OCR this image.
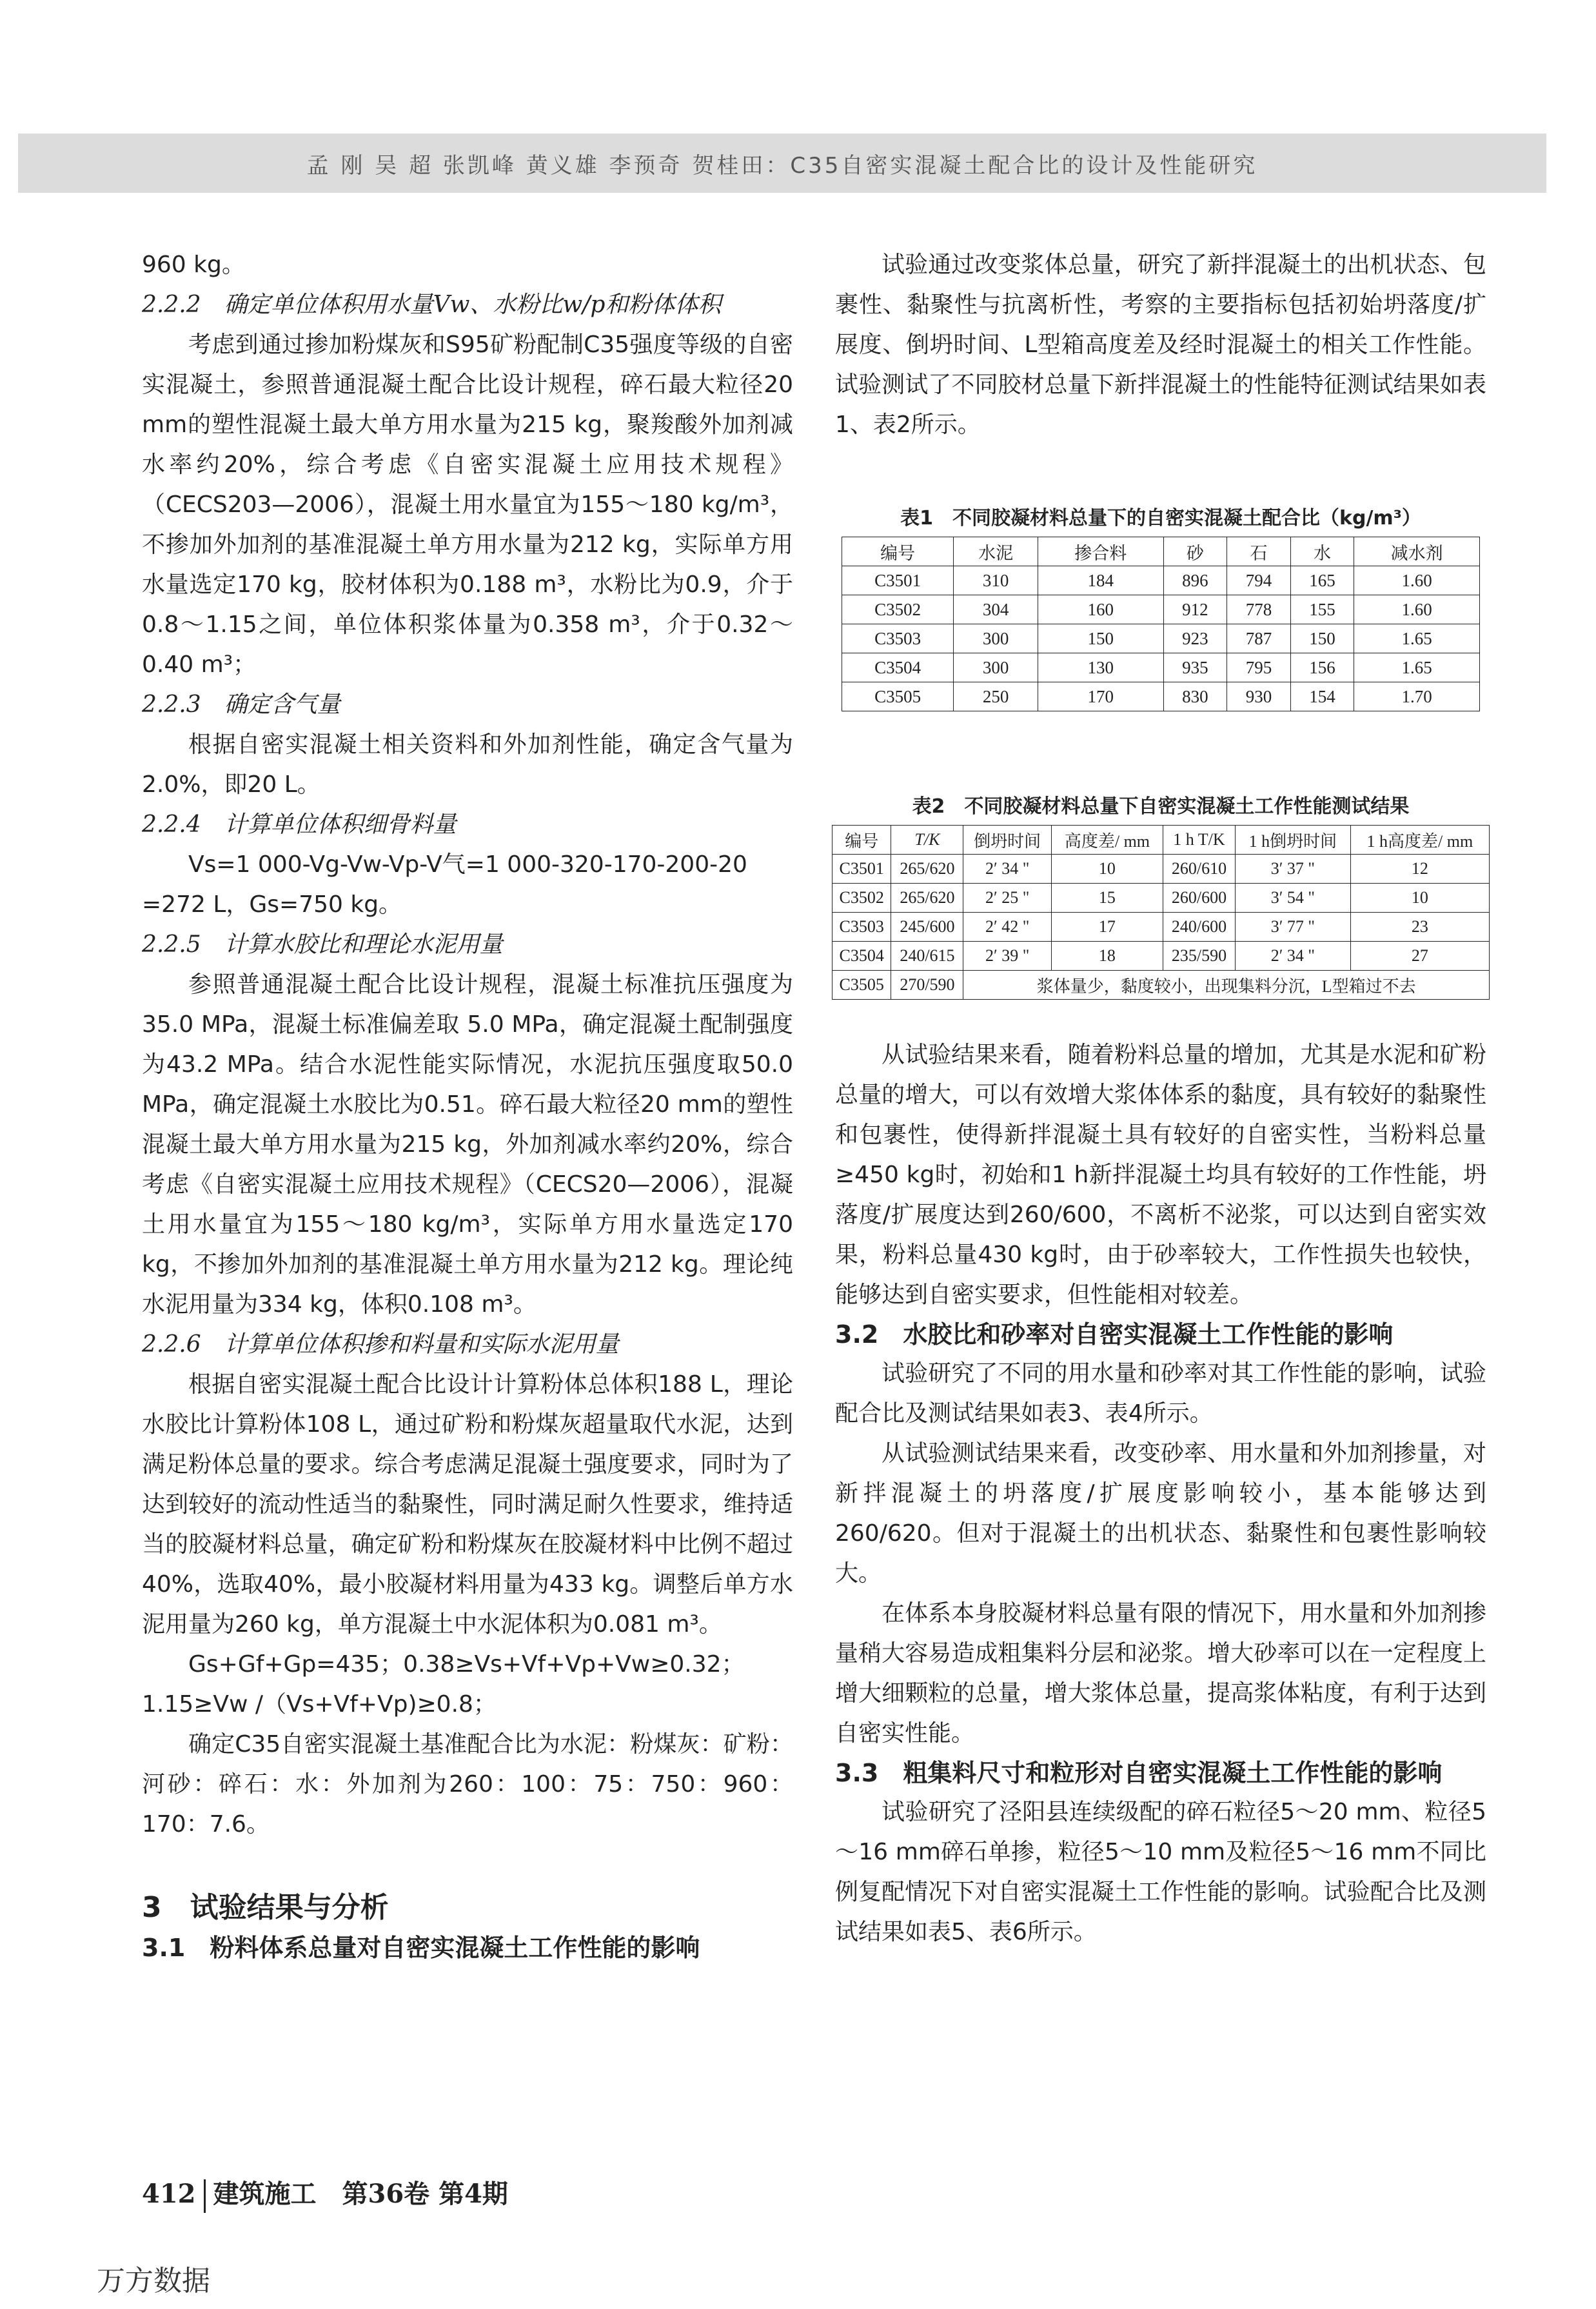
孟 刚 吴 超 张凯峰 黄义雄 李预奇 贺桂田：C35自密实混凝土配合比的设计及性能研究

960 kg。

2.2.2　确定单位体积用水量Vw、水粉比w/p和粉体体积

考虑到通过掺加粉煤灰和S95矿粉配制C35强度等级的自密实混凝土，参照普通混凝土配合比设计规程，碎石最大粒径20 mm的塑性混凝土最大单方用水量为215 kg，聚羧酸外加剂减水率约20%，综合考虑《自密实混凝土应用技术规程》（CECS203—2006），混凝土用水量宜为155～180 kg/m³，不掺加外加剂的基准混凝土单方用水量为212 kg，实际单方用水量选定170 kg，胶材体积为0.188 m³，水粉比为0.9，介于0.8～1.15之间，单位体积浆体量为0.358 m³，介于0.32～0.40 m³；

2.2.3　确定含气量

根据自密实混凝土相关资料和外加剂性能，确定含气量为2.0%，即20 L。

2.2.4　计算单位体积细骨料量

Vs=1 000-Vg-Vw-Vp-V气=1 000-320-170-200-20 =272 L，Gs=750 kg。

2.2.5　计算水胶比和理论水泥用量

参照普通混凝土配合比设计规程，混凝土标准抗压强度为35.0 MPa，混凝土标准偏差取 5.0 MPa，确定混凝土配制强度为43.2 MPa。结合水泥性能实际情况，水泥抗压强度取50.0 MPa，确定混凝土水胶比为0.51。碎石最大粒径20 mm的塑性混凝土最大单方用水量为215 kg，外加剂减水率约20%，综合考虑《自密实混凝土应用技术规程》（CECS20—2006），混凝土用水量宜为155～180 kg/m³，实际单方用水量选定170 kg，不掺加外加剂的基准混凝土单方用水量为212 kg。理论纯水泥用量为334 kg，体积0.108 m³。

2.2.6　计算单位体积掺和料量和实际水泥用量

根据自密实混凝土配合比设计计算粉体总体积188 L，理论水胶比计算粉体108 L，通过矿粉和粉煤灰超量取代水泥，达到满足粉体总量的要求。综合考虑满足混凝土强度要求，同时为了达到较好的流动性适当的黏聚性，同时满足耐久性要求，维持适当的胶凝材料总量，确定矿粉和粉煤灰在胶凝材料中比例不超过40%，选取40%，最小胶凝材料用量为433 kg。调整后单方水泥用量为260 kg，单方混凝土中水泥体积为0.081 m³。

Gs+Gf+Gp=435；0.38≥Vs+Vf+Vp+Vw≥0.32；1.15≥Vw /（Vs+Vf+Vp)≥0.8；

确定C35自密实混凝土基准配合比为水泥：粉煤灰：矿粉：河砂：碎石：水：外加剂为260：100：75：750：960：170：7.6。

3　试验结果与分析

3.1　粉料体系总量对自密实混凝土工作性能的影响

试验通过改变浆体总量，研究了新拌混凝土的出机状态、包裹性、黏聚性与抗离析性，考察的主要指标包括初始坍落度/扩展度、倒坍时间、L型箱高度差及经时混凝土的相关工作性能。试验测试了不同胶材总量下新拌混凝土的性能特征测试结果如表1、表2所示。

从试验结果来看，随着粉料总量的增加，尤其是水泥和矿粉总量的增大，可以有效增大浆体体系的黏度，具有较好的黏聚性和包裹性，使得新拌混凝土具有较好的自密实性，当粉料总量≥450 kg时，初始和1 h新拌混凝土均具有较好的工作性能，坍落度/扩展度达到260/600，不离析不泌浆，可以达到自密实效果，粉料总量430 kg时，由于砂率较大，工作性损失也较快，能够达到自密实要求，但性能相对较差。

3.2　水胶比和砂率对自密实混凝土工作性能的影响

试验研究了不同的用水量和砂率对其工作性能的影响，试验配合比及测试结果如表3、表4所示。

从试验测试结果来看，改变砂率、用水量和外加剂掺量，对新拌混凝土的坍落度/扩展度影响较小，基本能够达到260/620。但对于混凝土的出机状态、黏聚性和包裹性影响较大。

在体系本身胶凝材料总量有限的情况下，用水量和外加剂掺量稍大容易造成粗集料分层和泌浆。增大砂率可以在一定程度上增大细颗粒的总量，增大浆体总量，提高浆体粘度，有利于达到自密实性能。

3.3　粗集料尺寸和粒形对自密实混凝土工作性能的影响

试验研究了泾阳县连续级配的碎石粒径5～20 mm、粒径5～16 mm碎石单掺，粒径5～10 mm及粒径5～16 mm不同比例复配情况下对自密实混凝土工作性能的影响。试验配合比及测试结果如表5、表6所示。

表1　不同胶凝材料总量下的自密实混凝土配合比（kg/m³）

编号	水泥	掺合料	砂	石	水	减水剂
C3501	310	184	896	794	165	1.60
C3502	304	160	912	778	155	1.60
C3503	300	150	923	787	150	1.65
C3504	300	130	935	795	156	1.65
C3505	250	170	830	930	154	1.70

表2　不同胶凝材料总量下自密实混凝土工作性能测试结果

编号	T/K	倒坍时间	高度差/ mm	1 h T/K	1 h倒坍时间	1 h高度差/ mm
C3501	265/620	2′ 34 "	10	260/610	3′ 37 "	12
C3502	265/620	2′ 25 "	15	260/600	3′ 54 "	10
C3503	245/600	2′ 42 "	17	240/600	3′ 77 "	23
C3504	240/615	2′ 39 "	18	235/590	2′ 34 "	27
C3505	270/590	浆体量少，黏度较小，出现集料分沉，L型箱过不去				
412 建筑施工　第36卷 第4期
万方数据
